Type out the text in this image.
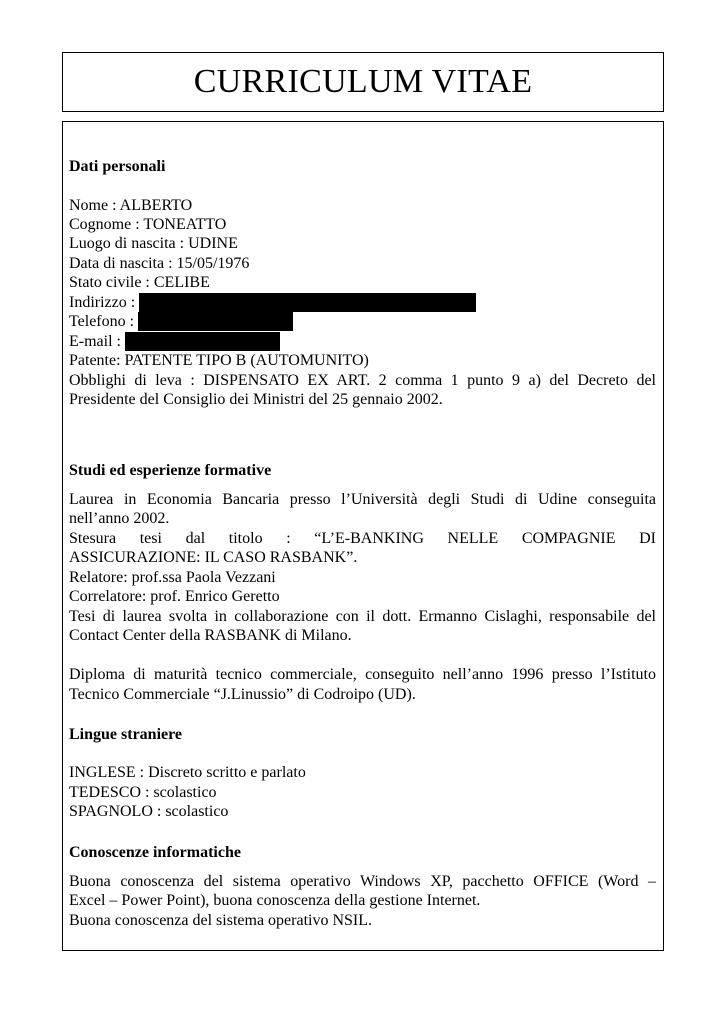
CURRICULUM VITAE

Dati personali

Nome : ALBERTO

Cognome : TONEATTO

Luogo di nascita : UDINE

Data di nascita : 15/05/1976

Stato civile : CELIBE

Indirizzo :

Telefono :

E-mail :

Patente: PATENTE TIPO B (AUTOMUNITO)

Obblighi di leva : DISPENSATO EX ART. 2 comma 1 punto 9 a) del Decreto del

Presidente del Consiglio dei Ministri del 25 gennaio 2002.

Studi ed esperienze formative

Laurea in Economia Bancaria presso l’Università degli Studi di Udine conseguita

nell’anno 2002.

Stesura tesi dal titolo : “L’E-BANKING NELLE COMPAGNIE DI

ASSICURAZIONE: IL CASO RASBANK”.

Relatore: prof.ssa Paola Vezzani

Correlatore: prof. Enrico Geretto

Tesi di laurea svolta in collaborazione con il dott. Ermanno Cislaghi, responsabile del

Contact Center della RASBANK di Milano.

Diploma di maturità tecnico commerciale, conseguito nell’anno 1996 presso l’Istituto

Tecnico Commerciale “J.Linussio” di Codroipo (UD).

Lingue straniere

INGLESE : Discreto scritto e parlato

TEDESCO : scolastico

SPAGNOLO : scolastico

Conoscenze informatiche

Buona conoscenza del sistema operativo Windows XP, pacchetto OFFICE (Word –

Excel – Power Point), buona conoscenza della gestione Internet.

Buona conoscenza del sistema operativo NSIL.
